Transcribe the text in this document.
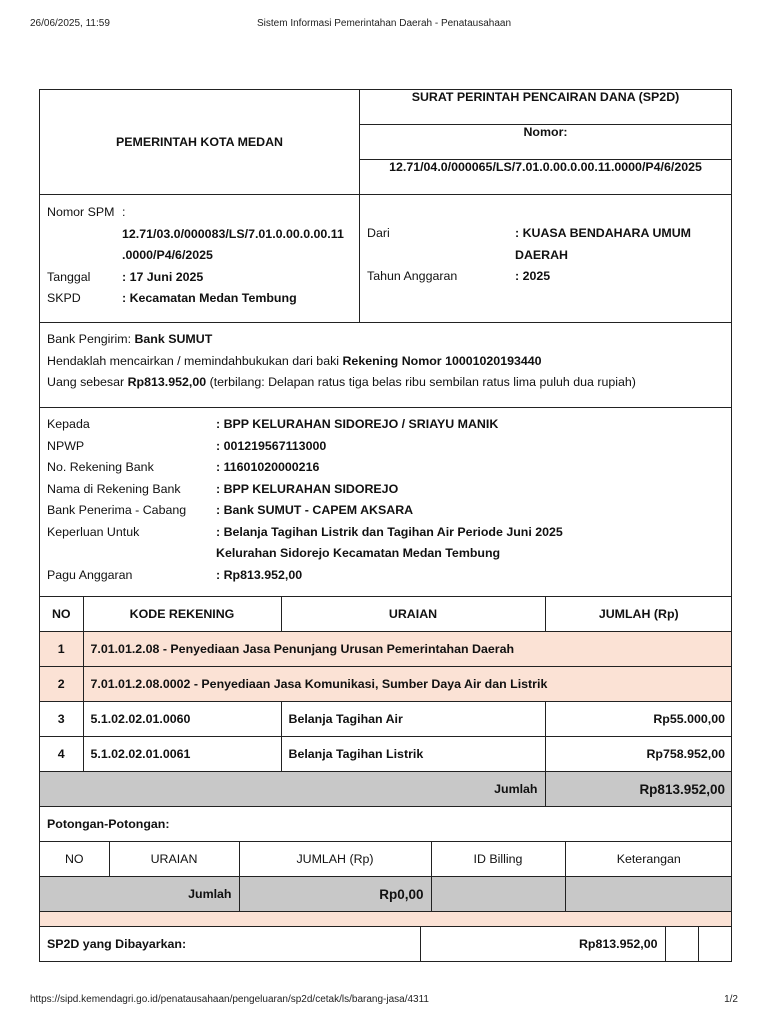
26/06/2025, 11:59	Sistem Informasi Pemerintahan Daerah - Penatausahaan
PEMERINTAH KOTA MEDAN	
SURAT PERINTAH PENCAIRAN DANA (SP2D)
Nomor:
12.71/04.0/000065/LS/7.01.0.00.0.00.11.0000/P4/6/2025

Nomor SPM	:
	12.71/03.0/000083/LS/7.01.0.00.0.00.11
.0000/P4/6/2025
Tanggal	: 17 Juni 2025
SKPD	: Kecamatan Medan Tembung

Dari	: KUASA BENDAHARA UMUM
DAERAH
Tahun Anggaran	: 2025

Bank Pengirim: Bank SUMUT
Hendaklah mencairkan / memindahbukukan dari baki Rekening Nomor 10001020193440
Uang sebesar Rp813.952,00 (terbilang: Delapan ratus tiga belas ribu sembilan ratus lima puluh dua rupiah)

Kepada	: BPP KELURAHAN SIDOREJO / SRIAYU MANIK
NPWP	: 001219567113000
No. Rekening Bank	: 11601020000216
Nama di Rekening Bank	: BPP KELURAHAN SIDOREJO
Bank Penerima - Cabang	: Bank SUMUT - CAPEM AKSARA
Keperluan Untuk	: Belanja Tagihan Listrik dan Tagihan Air Periode Juni 2025
Kelurahan Sidorejo Kecamatan Medan Tembung
Pagu Anggaran	: Rp813.952,00

NO	KODE REKENING	URAIAN	JUMLAH (Rp)
1	7.01.01.2.08 - Penyediaan Jasa Penunjang Urusan Pemerintahan Daerah
2	7.01.01.2.08.0002 - Penyediaan Jasa Komunikasi, Sumber Daya Air dan Listrik
3	5.1.02.02.01.0060	Belanja Tagihan Air	Rp55.000,00
4	5.1.02.02.01.0061	Belanja Tagihan Listrik	Rp758.952,00
Jumlah	Rp813.952,00

Potongan-Potongan:

NO	URAIAN	JUMLAH (Rp)	ID Billing	Keterangan
Jumlah	Rp0,00		

SP2D yang Dibayarkan:	Rp813.952,00		
https://sipd.kemendagri.go.id/penatausahaan/pengeluaran/sp2d/cetak/ls/barang-jasa/4311	1/2
